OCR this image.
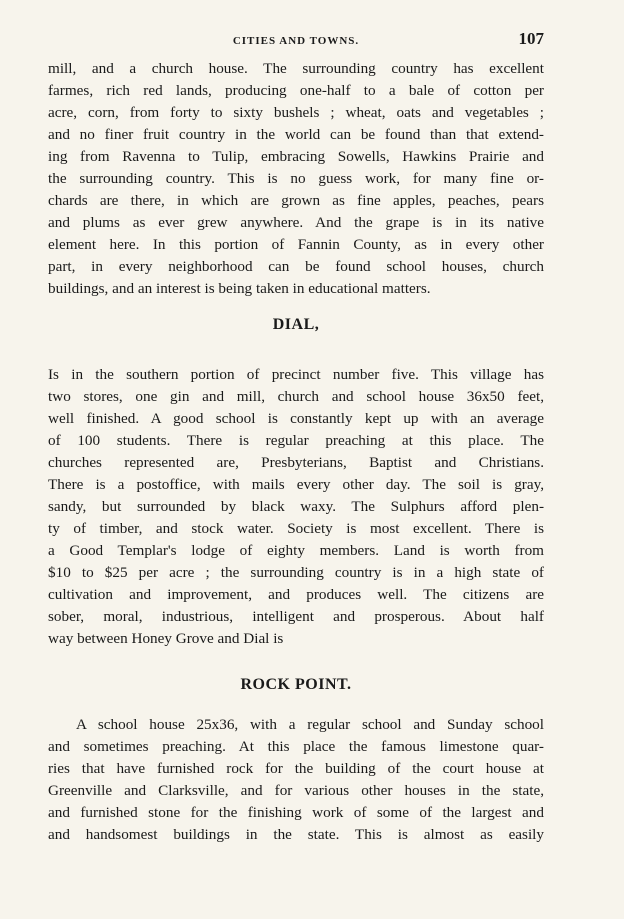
CITIES AND TOWNS.	107
mill, and a church house. The surrounding country has excellent
farmes, rich red lands, producing one-half to a bale of cotton per
acre, corn, from forty to sixty bushels ; wheat, oats and vegetables ;
and no finer fruit country in the world can be found than that extend-
ing from Ravenna to Tulip, embracing Sowells, Hawkins Prairie and
the surrounding country. This is no guess work, for many fine or-
chards are there, in which are grown as fine apples, peaches, pears
and plums as ever grew anywhere. And the grape is in its native
element here. In this portion of Fannin County, as in every other
part, in every neighborhood can be found school houses, church
buildings, and an interest is being taken in educational matters.
DIAL,
Is in the southern portion of precinct number five. This village has
two stores, one gin and mill, church and school house 36x50 feet,
well finished. A good school is constantly kept up with an average
of 100 students. There is regular preaching at this place. The
churches represented are, Presbyterians, Baptist and Christians.
There is a postoffice, with mails every other day. The soil is gray,
sandy, but surrounded by black waxy. The Sulphurs afford plen-
ty of timber, and stock water. Society is most excellent. There is
a Good Templar's lodge of eighty members. Land is worth from
$10 to $25 per acre ; the surrounding country is in a high state of
cultivation and improvement, and produces well. The citizens are
sober, moral, industrious, intelligent and prosperous. About half
way between Honey Grove and Dial is
ROCK POINT.
A school house 25x36, with a regular school and Sunday school
and sometimes preaching. At this place the famous limestone quar-
ries that have furnished rock for the building of the court house at
Greenville and Clarksville, and for various other houses in the state,
and furnished stone for the finishing work of some of the largest and
and handsomest buildings in the state. This is almost as easily
